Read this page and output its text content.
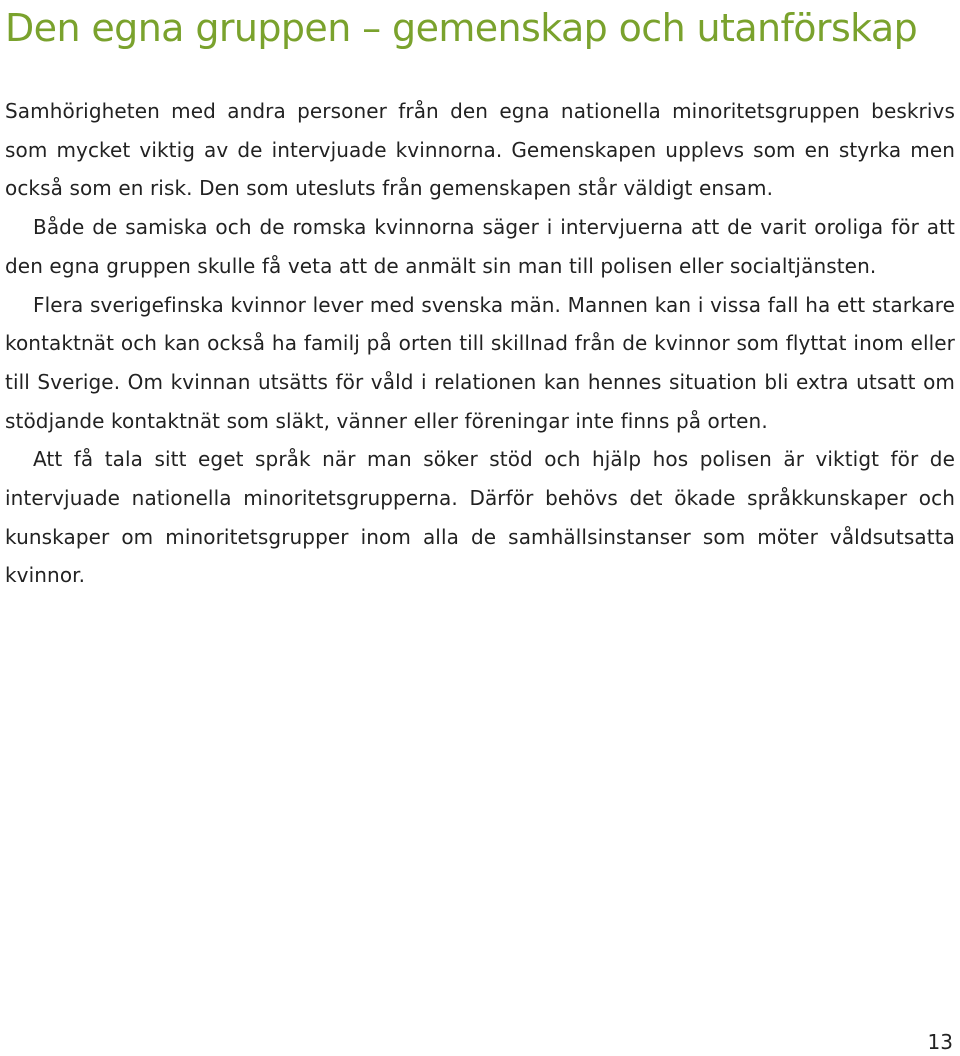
Den egna gruppen – gemenskap och utanförskap

Samhörigheten med andra personer från den egna nationella minoritetsgruppen beskrivs som mycket viktig av de intervjuade kvinnorna. Gemenskapen upplevs som en styrka men också som en risk. Den som utesluts från gemenskapen står väldigt ensam.

Både de samiska och de romska kvinnorna säger i intervjuerna att de varit oroliga för att den egna gruppen skulle få veta att de anmält sin man till polisen eller socialtjänsten.

Flera sverigefinska kvinnor lever med svenska män. Mannen kan i vissa fall ha ett starkare kontaktnät och kan också ha familj på orten till skillnad från de kvinnor som flyttat inom eller till Sverige. Om kvinnan utsätts för våld i relationen kan hennes situation bli extra utsatt om stödjande kontaktnät som släkt, vänner eller föreningar inte finns på orten.

Att få tala sitt eget språk när man söker stöd och hjälp hos polisen är viktigt för de intervjuade nationella minoritetsgrupperna. Därför behövs det ökade språkkunskaper och kunskaper om minoritetsgrupper inom alla de samhällsinstanser som möter våldsutsatta kvinnor.

13
